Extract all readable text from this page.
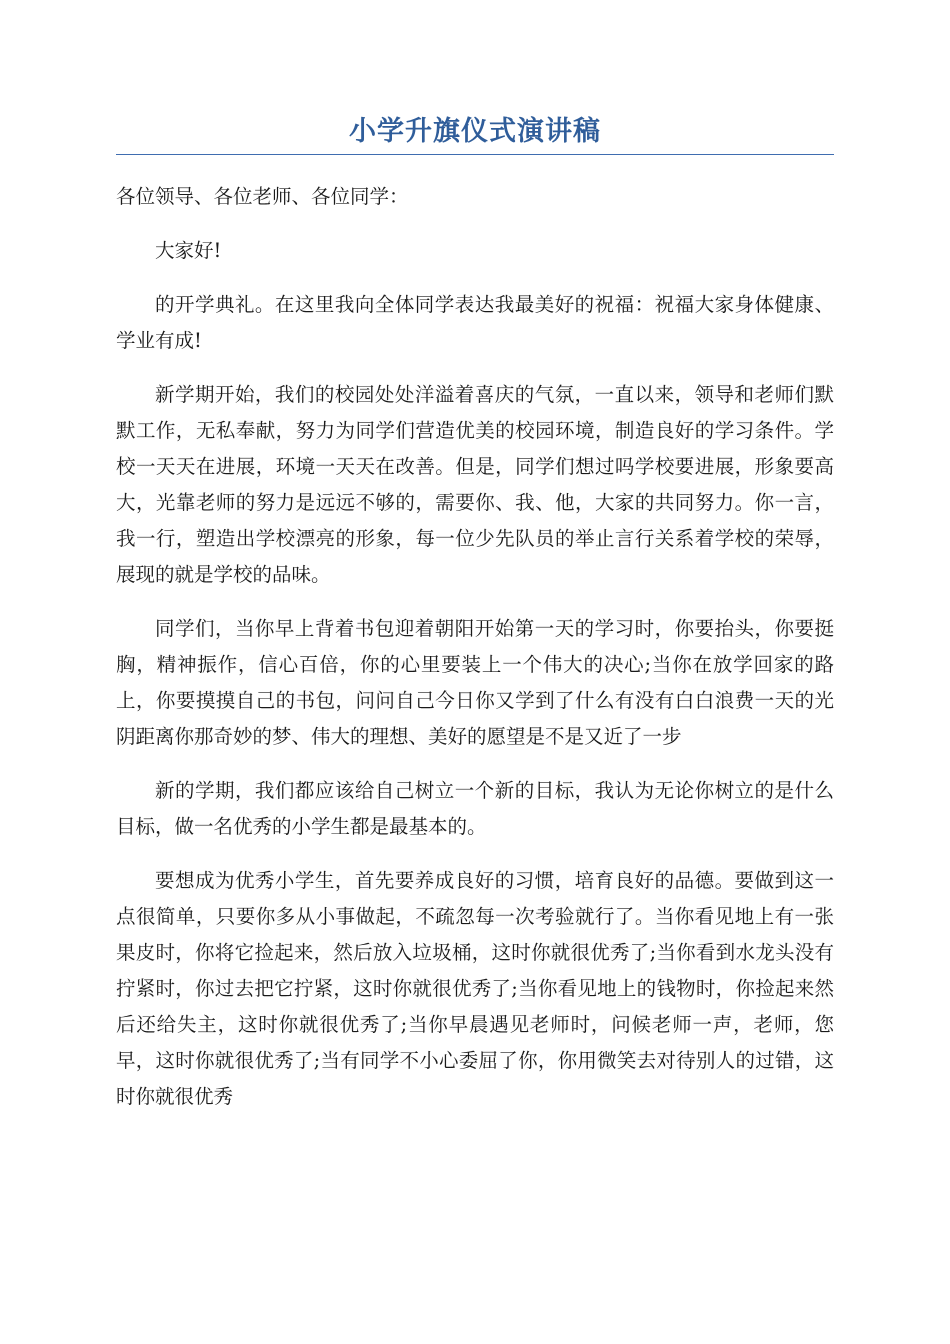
小学升旗仪式演讲稿

各位领导、各位老师、各位同学：

大家好!

的开学典礼。在这里我向全体同学表达我最美好的祝福：祝福大家身体健康、学业有成!

新学期开始，我们的校园处处洋溢着喜庆的气氛，一直以来，领导和老师们默默工作，无私奉献，努力为同学们营造优美的校园环境，制造良好的学习条件。学校一天天在进展，环境一天天在改善。但是，同学们想过吗学校要进展，形象要高大，光靠老师的努力是远远不够的，需要你、我、他，大家的共同努力。你一言，我一行，塑造出学校漂亮的形象，每一位少先队员的举止言行关系着学校的荣辱，展现的就是学校的品味。

同学们，当你早上背着书包迎着朝阳开始第一天的学习时，你要抬头，你要挺胸，精神振作，信心百倍，你的心里要装上一个伟大的决心;当你在放学回家的路上，你要摸摸自己的书包，问问自己今日你又学到了什么有没有白白浪费一天的光阴距离你那奇妙的梦、伟大的理想、美好的愿望是不是又近了一步

新的学期，我们都应该给自己树立一个新的目标，我认为无论你树立的是什么目标，做一名优秀的小学生都是最基本的。

要想成为优秀小学生，首先要养成良好的习惯，培育良好的品德。要做到这一点很简单，只要你多从小事做起，不疏忽每一次考验就行了。当你看见地上有一张果皮时，你将它捡起来，然后放入垃圾桶，这时你就很优秀了;当你看到水龙头没有拧紧时，你过去把它拧紧，这时你就很优秀了;当你看见地上的钱物时，你捡起来然后还给失主，这时你就很优秀了;当你早晨遇见老师时，问候老师一声，老师，您早，这时你就很优秀了;当有同学不小心委屈了你，你用微笑去对待别人的过错，这时你就很优秀
